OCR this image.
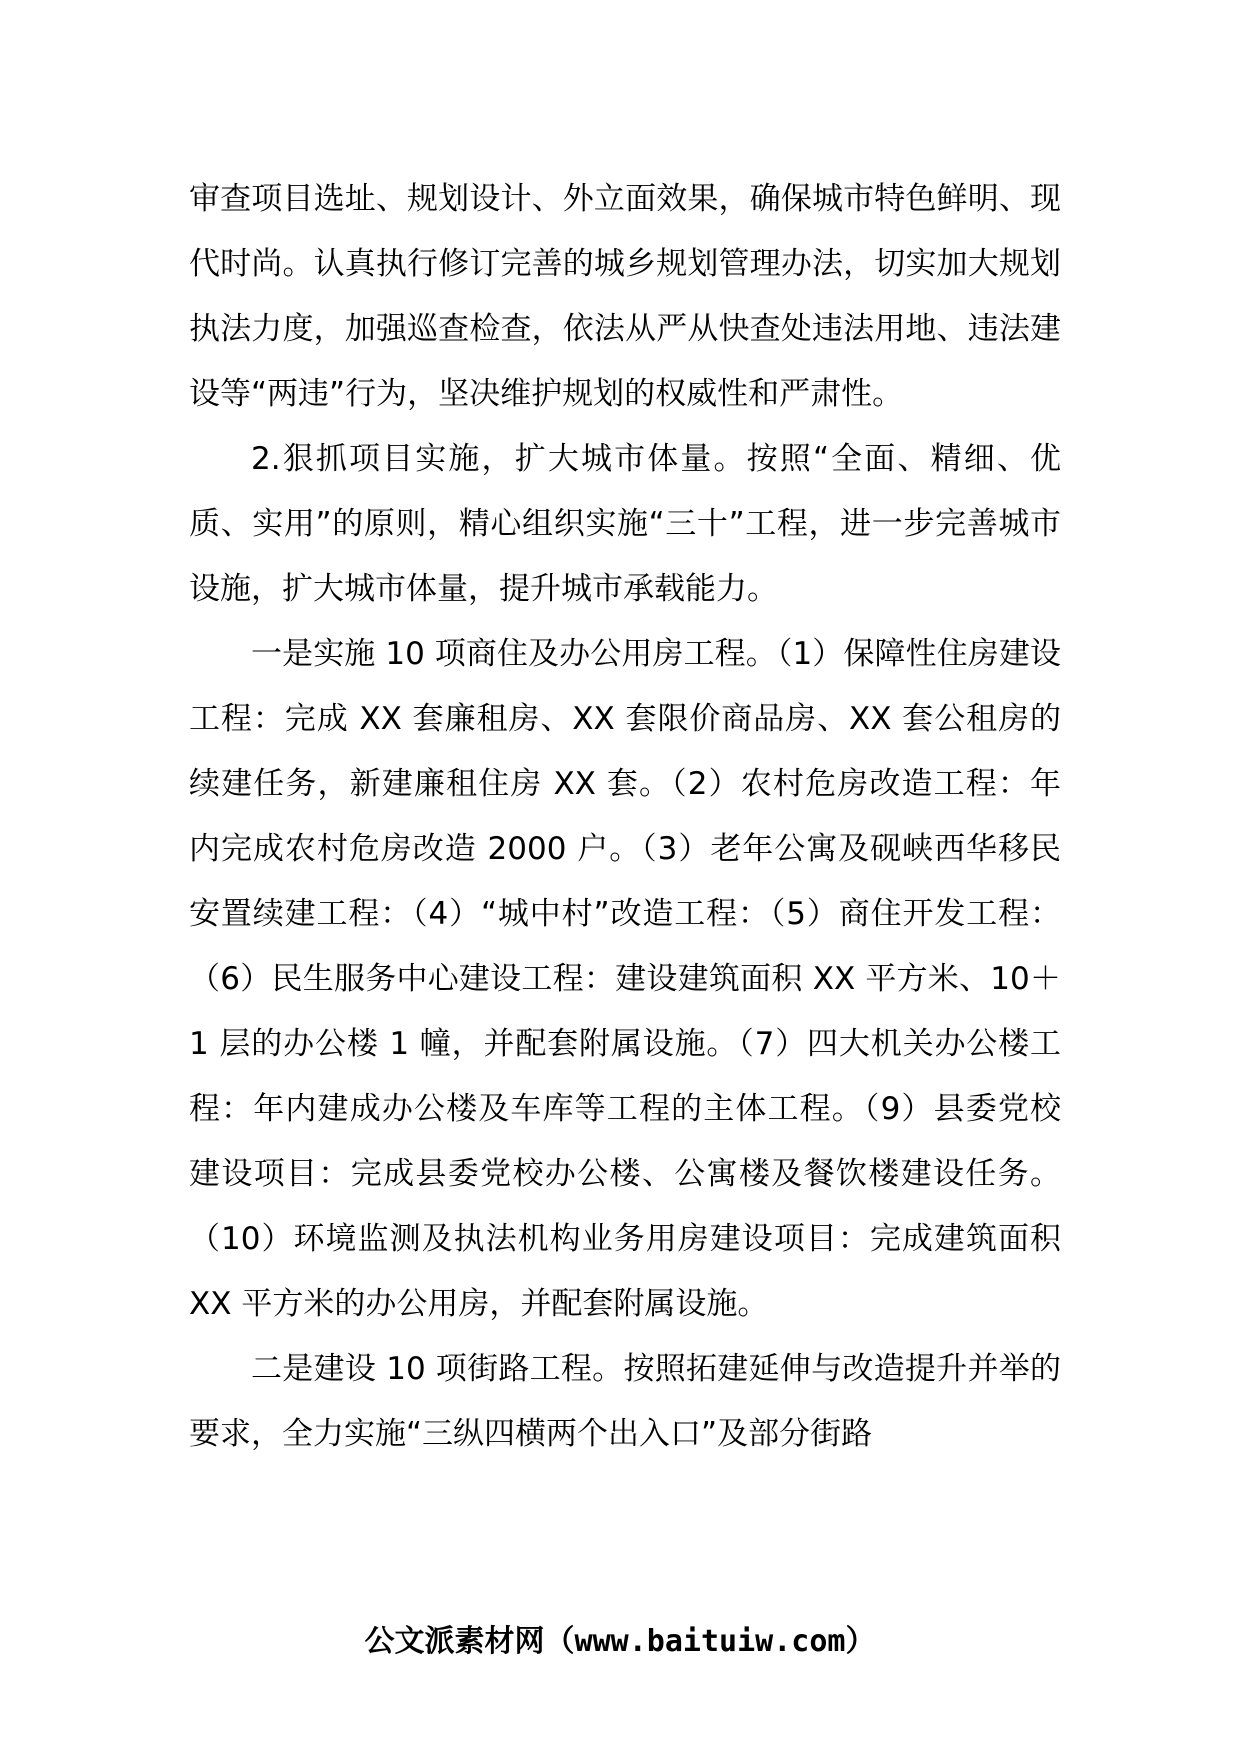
审查项目选址、规划设计、外立面效果，确保城市特色鲜明、现代时尚。认真执行修订完善的城乡规划管理办法，切实加大规划执法力度，加强巡查检查，依法从严从快查处违法用地、违法建设等“两违”行为，坚决维护规划的权威性和严肃性。

2.狠抓项目实施，扩大城市体量。按照“全面、精细、优质、实用”的原则，精心组织实施“三十”工程，进一步完善城市设施，扩大城市体量，提升城市承载能力。

一是实施 10 项商住及办公用房工程。（1）保障性住房建设工程：完成 XX 套廉租房、XX 套限价商品房、XX 套公租房的续建任务，新建廉租住房 XX 套。（2）农村危房改造工程：年内完成农村危房改造 2000 户。（3）老年公寓及砚峡西华移民安置续建工程：（4）“城中村”改造工程：（5）商住开发工程：（6）民生服务中心建设工程：建设建筑面积 XX 平方米、10＋1 层的办公楼 1 幢，并配套附属设施。（7）四大机关办公楼工程：年内建成办公楼及车库等工程的主体工程。（9）县委党校建设项目：完成县委党校办公楼、公寓楼及餐饮楼建设任务。（10）环境监测及执法机构业务用房建设项目：完成建筑面积 XX 平方米的办公用房，并配套附属设施。

二是建设 10 项街路工程。按照拓建延伸与改造提升并举的要求，全力实施“三纵四横两个出入口”及部分街路

公文派素材网（www.baituiw.com）
